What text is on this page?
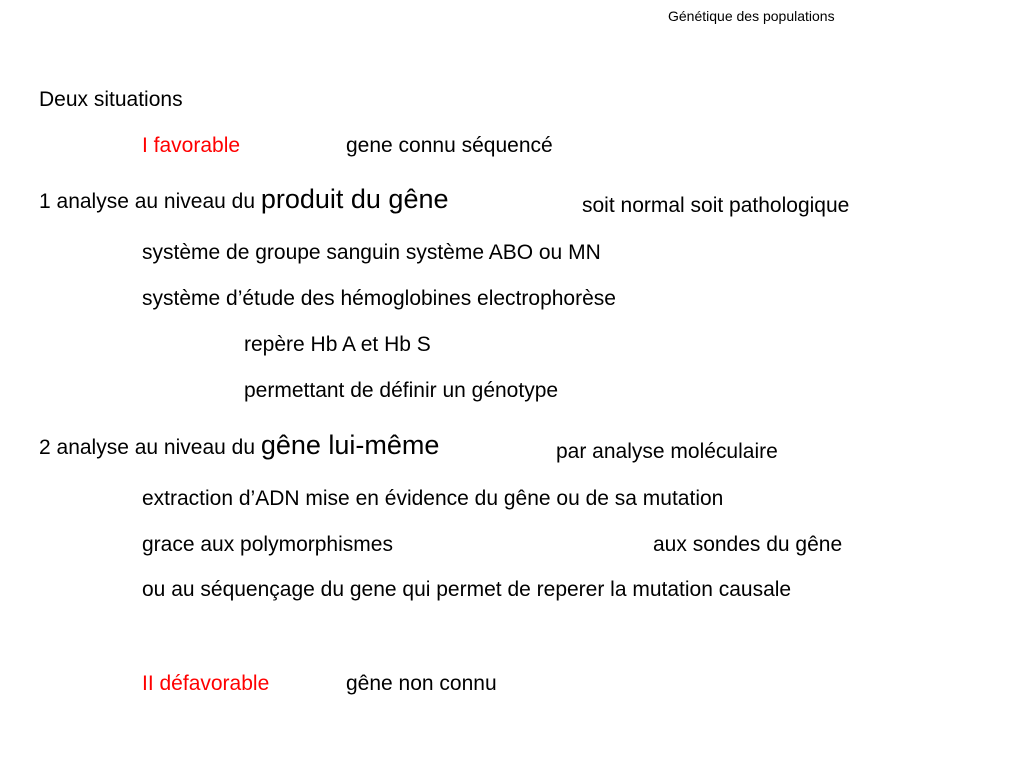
Génétique des populations

Deux situations

I favorable	gene connu séquencé

1 analyse au niveau du produit du gêne	soit normal soit pathologique

système de groupe sanguin système ABO ou MN

système d’étude des hémoglobines electrophorèse

repère Hb A et Hb S

permettant de définir un génotype

2 analyse au niveau du gêne lui-même	par analyse moléculaire

extraction d’ADN mise en évidence du gêne ou de sa mutation

grace aux polymorphismes	aux sondes du gêne

ou au séquençage du gene qui permet de reperer la mutation causale

II défavorable	gêne non connu
